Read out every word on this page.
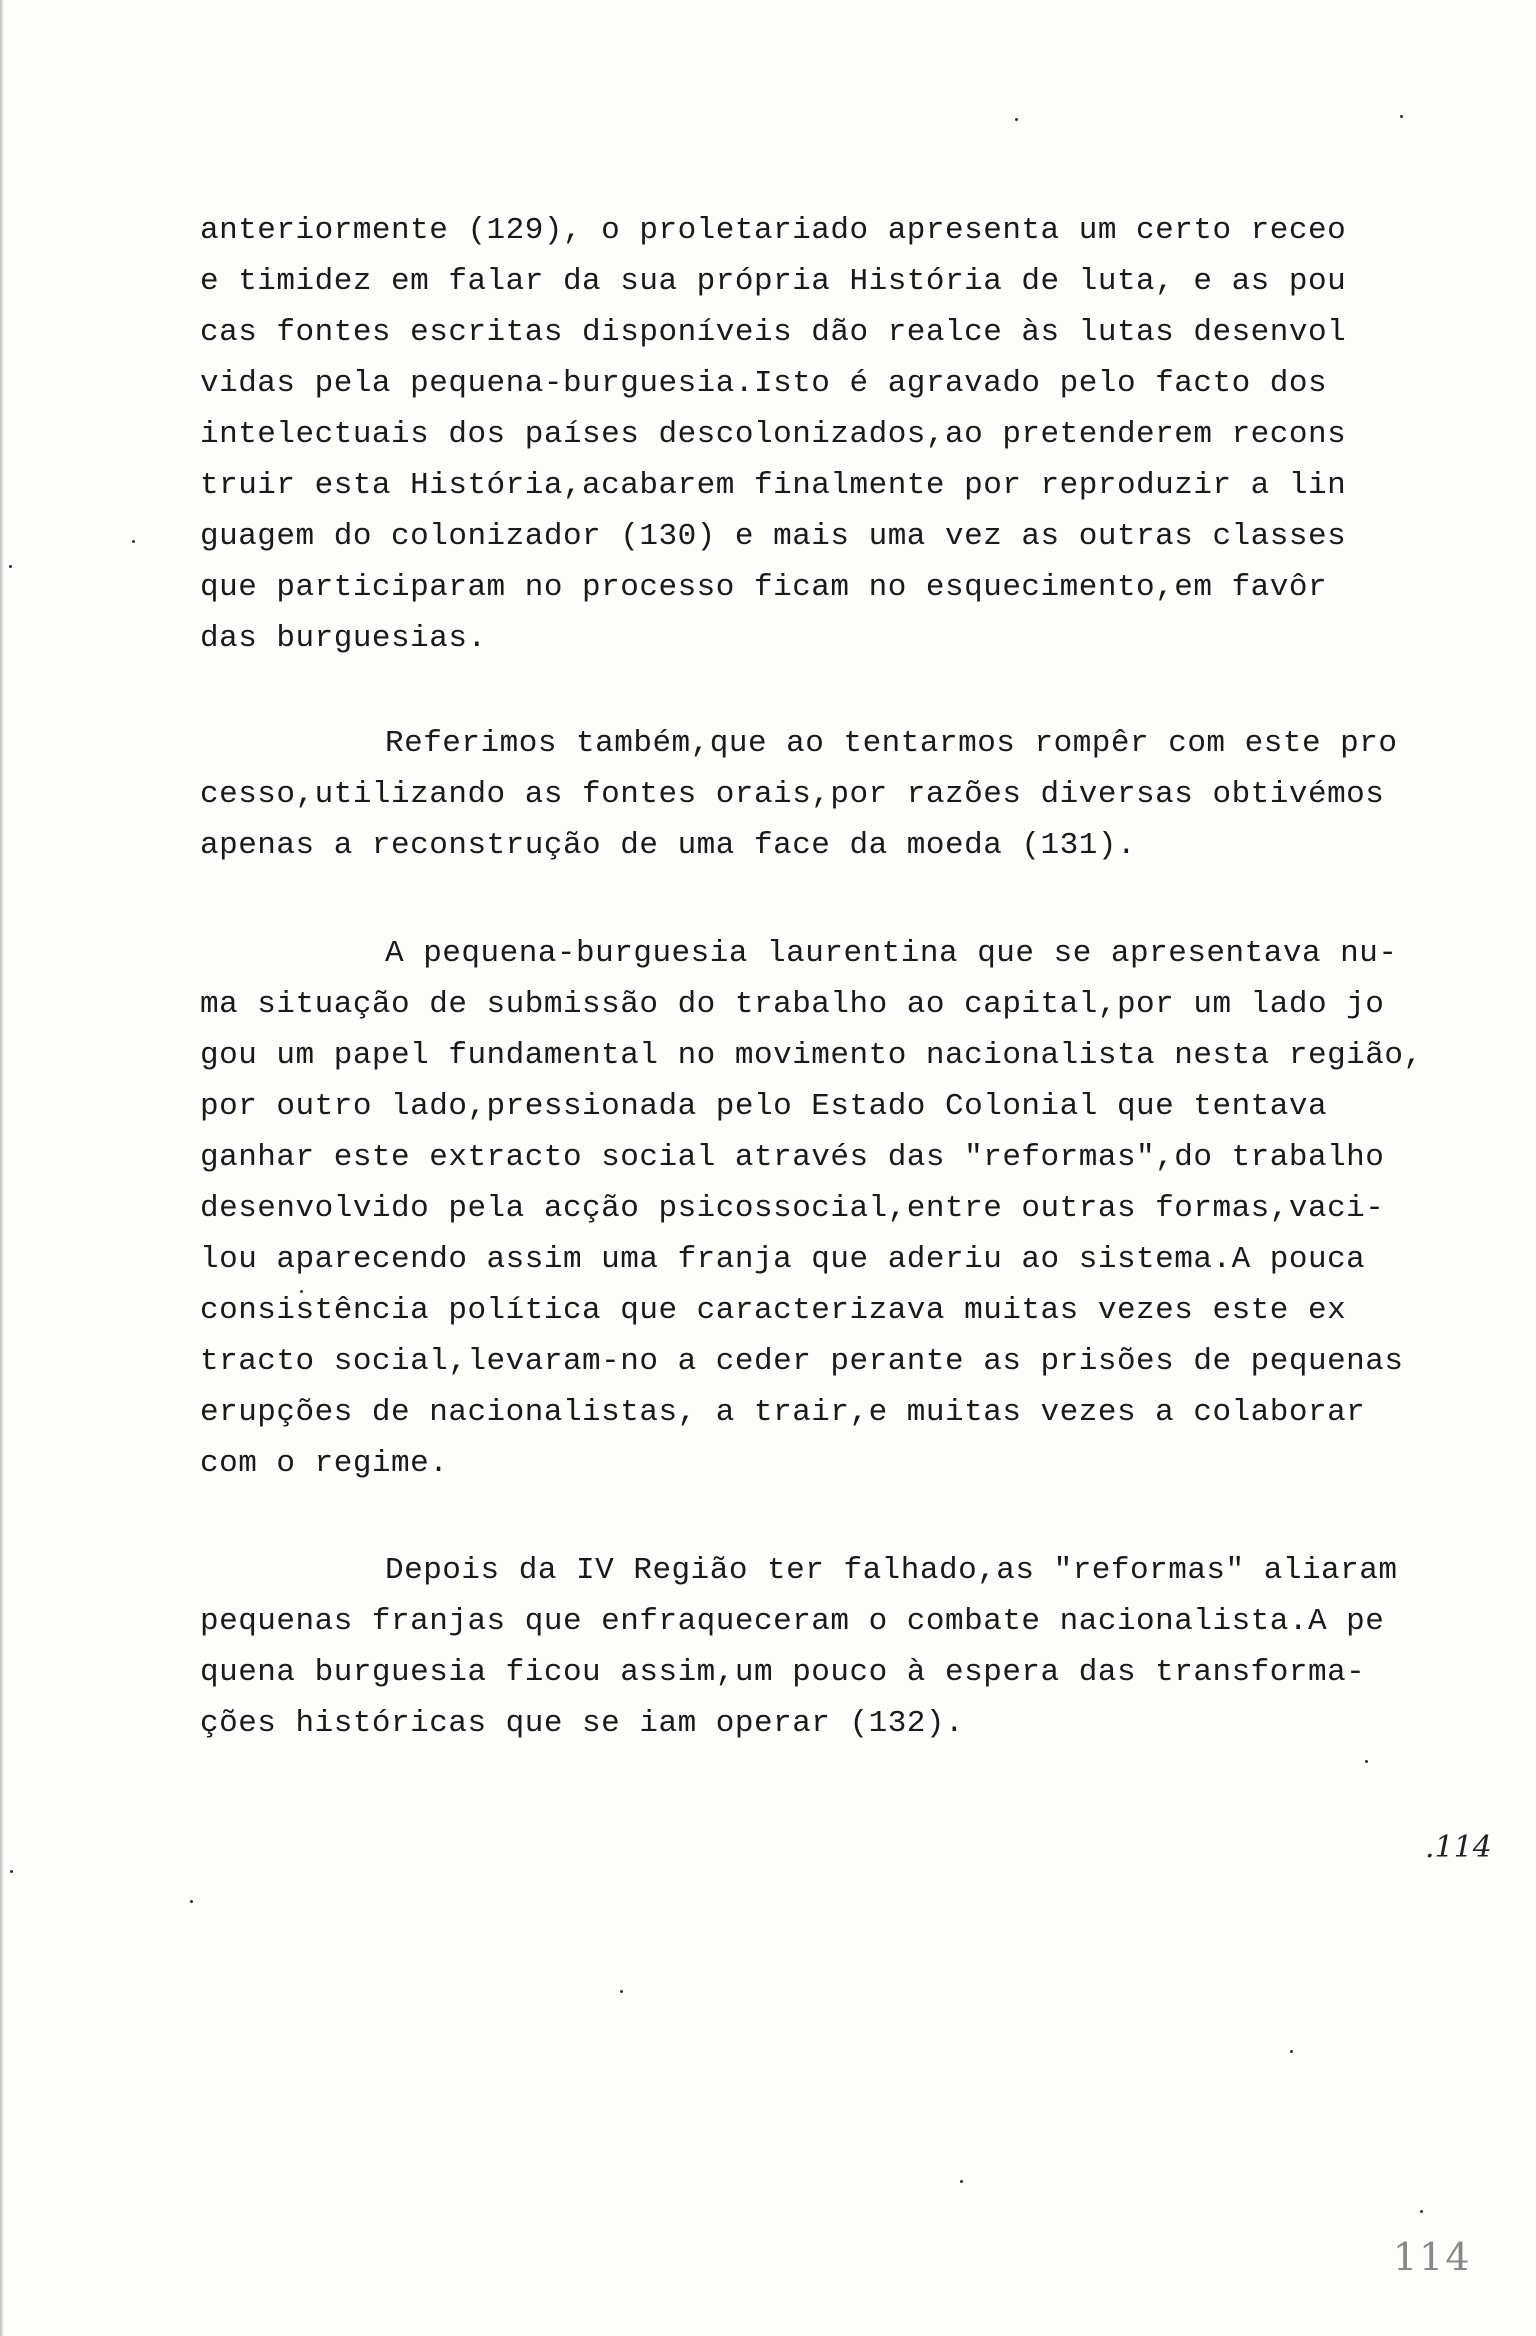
anteriormente (129), o proletariado apresenta um certo receo
e timidez em falar da sua própria História de luta, e as pou
cas fontes escritas disponíveis dão realce às lutas desenvol
vidas pela pequena-burguesia.Isto é agravado pelo facto dos
intelectuais dos países descolonizados,ao pretenderem recons
truir esta História,acabarem finalmente por reproduzir a lin
guagem do colonizador (130) e mais uma vez as outras classes
que participaram no processo ficam no esquecimento,em favôr
das burguesias.
Referimos também,que ao tentarmos rompêr com este pro
cesso,utilizando as fontes orais,por razões diversas obtivémos
apenas a reconstrução de uma face da moeda (131).
A pequena-burguesia laurentina que se apresentava nu-
ma situação de submissão do trabalho ao capital,por um lado jo
gou um papel fundamental no movimento nacionalista nesta região,
por outro lado,pressionada pelo Estado Colonial que tentava
ganhar este extracto social através das "reformas",do trabalho
desenvolvido pela acção psicossocial,entre outras formas,vaci-
lou aparecendo assim uma franja que aderiu ao sistema.A pouca
consistência política que caracterizava muitas vezes este ex
tracto social,levaram-no a ceder perante as prisões de pequenas
erupções de nacionalistas, a trair,e muitas vezes a colaborar
com o regime.
Depois da IV Região ter falhado,as "reformas" aliaram
pequenas franjas que enfraqueceram o combate nacionalista.A pe
quena burguesia ficou assim,um pouco à espera das transforma-
ções históricas que se iam operar (132).
.114
114
